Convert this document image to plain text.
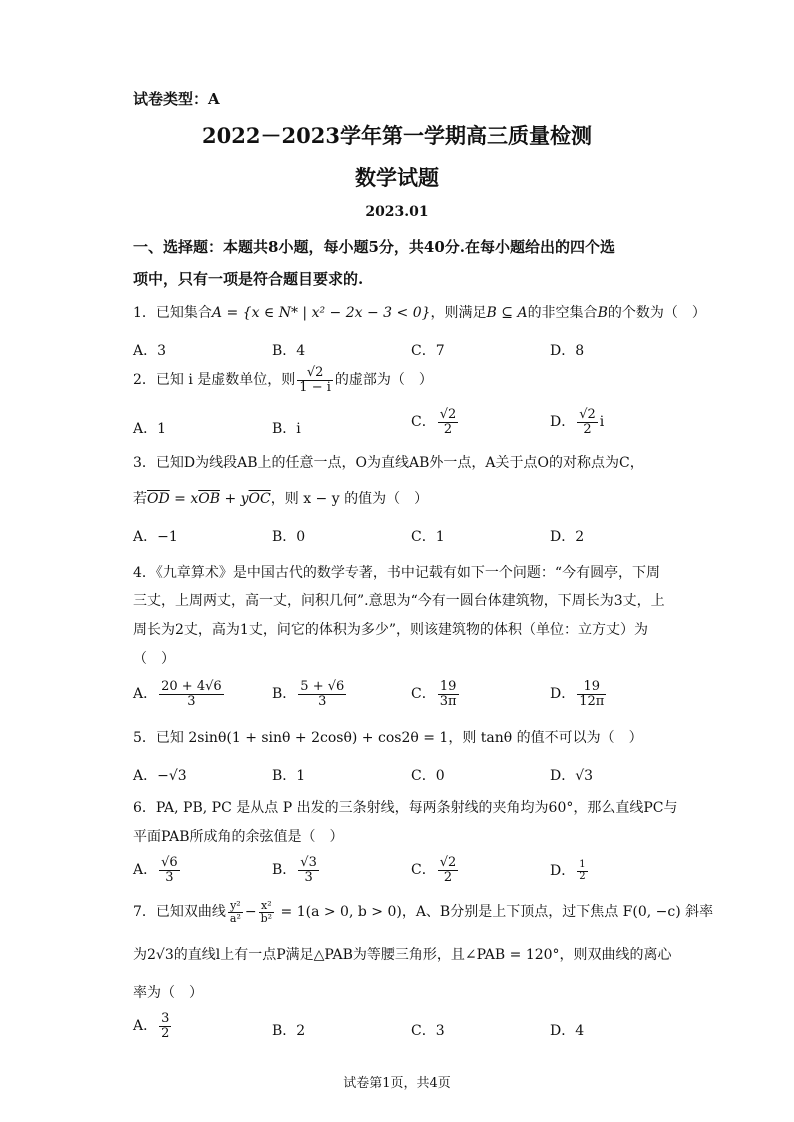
试卷类型：A
2022－2023学年第一学期高三质量检测
数学试题
2023.01
一、选择题：本题共8小题，每小题5分，共40分.在每小题给出的四个选
项中，只有一项是符合题目要求的.
1．已知集合A = {x ∈ N* | x² − 2x − 3 < 0}，则满足B ⊆ A的非空集合B的个数为（　）
A．3	B．4	C．7	D．8
2．已知 i 是虚数单位，则 $\frac{√2}{1 - i}$ 的虚部为（　）
A．1	B．i	C． $\frac{√2}{2}$	D． $\frac{√2}{2}$ i
3．已知D为线段AB上的任意一点，O为直线AB外一点，A关于点O的对称点为C，
若$\overline{OD} = x\overline{OB} + y\overline{OC}$，则 x − y 的值为（　）
A．−1	B．0	C．1	D．2
4．《九章算术》是中国古代的数学专著，书中记载有如下一个问题：“今有圆亭，下周
三丈，上周两丈，高一丈，问积几何”.意思为“今有一圆台体建筑物，下周长为3丈，上
周长为2丈，高为1丈，问它的体积为多少”，则该建筑物的体积（单位：立方丈）为
（　）
A． $\frac{20 + 4√6}{3}$	B． $\frac{5 + √6}{3}$	C． $\frac{19}{3\pi}$	D． $\frac{19}{12\pi}$
5．已知 2sinθ(1 + sinθ + 2cosθ) + cos2θ = 1，则 tanθ 的值不可以为（　）
A．−√3	B．1	C．0	D．√3
6．PA, PB, PC 是从点 P 出发的三条射线，每两条射线的夹角均为60°，那么直线PC与
平面PAB所成角的余弦值是（　）
A． $\frac{√6}{3}$	B． $\frac{√3}{3}$	C． $\frac{√2}{2}$	D． $\frac{1}{2}$
7．已知双曲线 $\frac{\text{y²}}{\text{a²}} - \frac{\text{x²}}{\text{b²}} = 1(a > 0$, b > 0)，A、B分别是上下顶点，过下焦点 F(0, −c) 斜率
为2√3的直线l上有一点P满足△PAB为等腰三角形，且∠PAB = 120°，则双曲线的离心
率为（　）
A． $\frac{3}{2}$	B．2	C．3	D．4
试卷第1页，共4页
